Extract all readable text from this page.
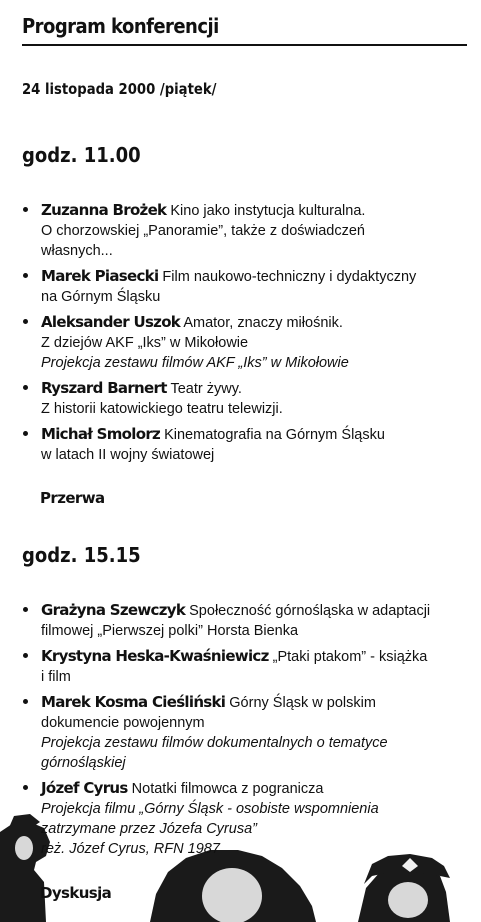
Program konferencji
24 listopada 2000 /piątek/
godz. 11.00
Zuzanna Brożek Kino jako instytucja kulturalna.
O chorzowskiej „Panoramie”, także z doświadczeń
własnych...
Marek Piasecki Film naukowo-techniczny i dydaktyczny
na Górnym Śląsku
Aleksander Uszok Amator, znaczy miłośnik.
Z dziejów AKF „Iks” w Mikołowie
Projekcja zestawu filmów AKF „Iks” w Mikołowie
Ryszard Barnert Teatr żywy.
Z historii katowickiego teatru telewizji.
Michał Smolorz Kinematografia na Górnym Śląsku
w latach II wojny światowej
Przerwa
godz. 15.15
Grażyna Szewczyk Społeczność górnośląska w adaptacji
filmowej „Pierwszej polki” Horsta Bienka
Krystyna Heska-Kwaśniewicz „Ptaki ptakom” - książka
i film
Marek Kosma Cieśliński Górny Śląsk w polskim
dokumencie powojennym
Projekcja zestawu filmów dokumentalnych o tematyce
górnośląskiej
Józef Cyrus Notatki filmowca z pogranicza
Projekcja filmu „Górny Śląsk - osobiste wspomnienia
zatrzymane przez Józefa Cyrusa”
reż. Józef Cyrus, RFN 1987
Dyskusja
